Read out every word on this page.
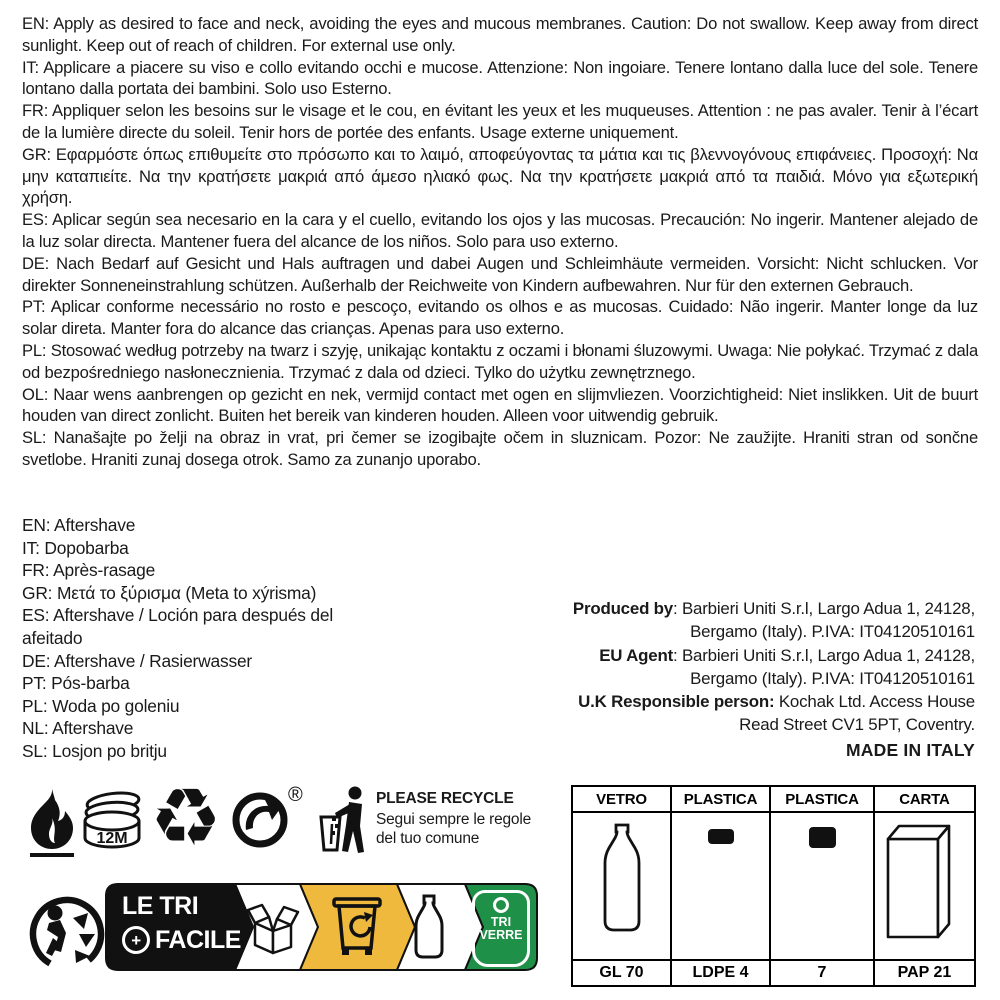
EN: Apply as desired to face and neck, avoiding the eyes and mucous membranes. Caution: Do not swallow. Keep away from direct sunlight. Keep out of reach of children. For external use only.

IT: Applicare a piacere su viso e collo evitando occhi e mucose. Attenzione: Non ingoiare. Tenere lontano dalla luce del sole. Tenere lontano dalla portata dei bambini. Solo uso Esterno.

FR: Appliquer selon les besoins sur le visage et le cou, en évitant les yeux et les muqueuses. Attention : ne pas avaler. Tenir à l’écart de la lumière directe du soleil. Tenir hors de portée des enfants. Usage externe uniquement.

GR: Εφαρμόστε όπως επιθυμείτε στο πρόσωπο και το λαιμό, αποφεύγοντας τα μάτια και τις βλεννογόνους επιφάνειες. Προσοχή: Να μην καταπιείτε. Να την κρατήσετε μακριά από άμεσο ηλιακό φως. Να την κρατήσετε μακριά από τα παιδιά. Μόνο για εξωτερική χρήση.

ES: Aplicar según sea necesario en la cara y el cuello, evitando los ojos y las mucosas. Precaución: No ingerir. Mantener alejado de la luz solar directa. Mantener fuera del alcance de los niños. Solo para uso externo.

DE: Nach Bedarf auf Gesicht und Hals auftragen und dabei Augen und Schleimhäute vermeiden. Vorsicht: Nicht schlucken. Vor direkter Sonneneinstrahlung schützen. Außerhalb der Reichweite von Kindern aufbewahren. Nur für den externen Gebrauch.

PT: Aplicar conforme necessário no rosto e pescoço, evitando os olhos e as mucosas. Cuidado: Não ingerir. Manter longe da luz solar direta. Manter fora do alcance das crianças. Apenas para uso externo.

PL: Stosować według potrzeby na twarz i szyję, unikając kontaktu z oczami i błonami śluzowymi. Uwaga: Nie połykać. Trzymać z dala od bezpośredniego nasłonecznienia. Trzymać z dala od dzieci. Tylko do użytku zewnętrznego.

OL: Naar wens aanbrengen op gezicht en nek, vermijd contact met ogen en slijmvliezen. Voorzichtigheid: Niet inslikken. Uit de buurt houden van direct zonlicht. Buiten het bereik van kinderen houden. Alleen voor uitwendig gebruik.

SL: Nanašajte po želji na obraz in vrat, pri čemer se izogibajte očem in sluznicam. Pozor: Ne zaužijte. Hraniti stran od sončne svetlobe. Hraniti zunaj dosega otrok. Samo za zunanjo uporabo.

EN: Aftershave
IT: Dopobarba
FR: Après-rasage
GR: Μετά το ξύρισμα (Meta to xýrisma)
ES: Aftershave / Loción para después del afeitado
DE: Aftershave / Rasierwasser
PT: Pós-barba
PL: Woda po goleniu
NL: Aftershave
SL: Losjon po britju
Produced by: Barbieri Uniti S.r.l, Largo Adua 1, 24128,
Bergamo (Italy). P.IVA: IT04120510161
EU Agent: Barbieri Uniti S.r.l, Largo Adua 1, 24128,
Bergamo (Italy). P.IVA: IT04120510161
U.K Responsible person: Kochak Ltd. Access House
Read Street CV1 5PT, Coventry.
MADE IN ITALY
12M ♻	®	PLEASE RECYCLE
Segui sempre le regole
del tuo comune
LE TRI
+ FACILE
TRI
VERRE
VETRO	PLASTICA	PLASTICA	CARTA
GL 70	LDPE 4	7	PAP 21
